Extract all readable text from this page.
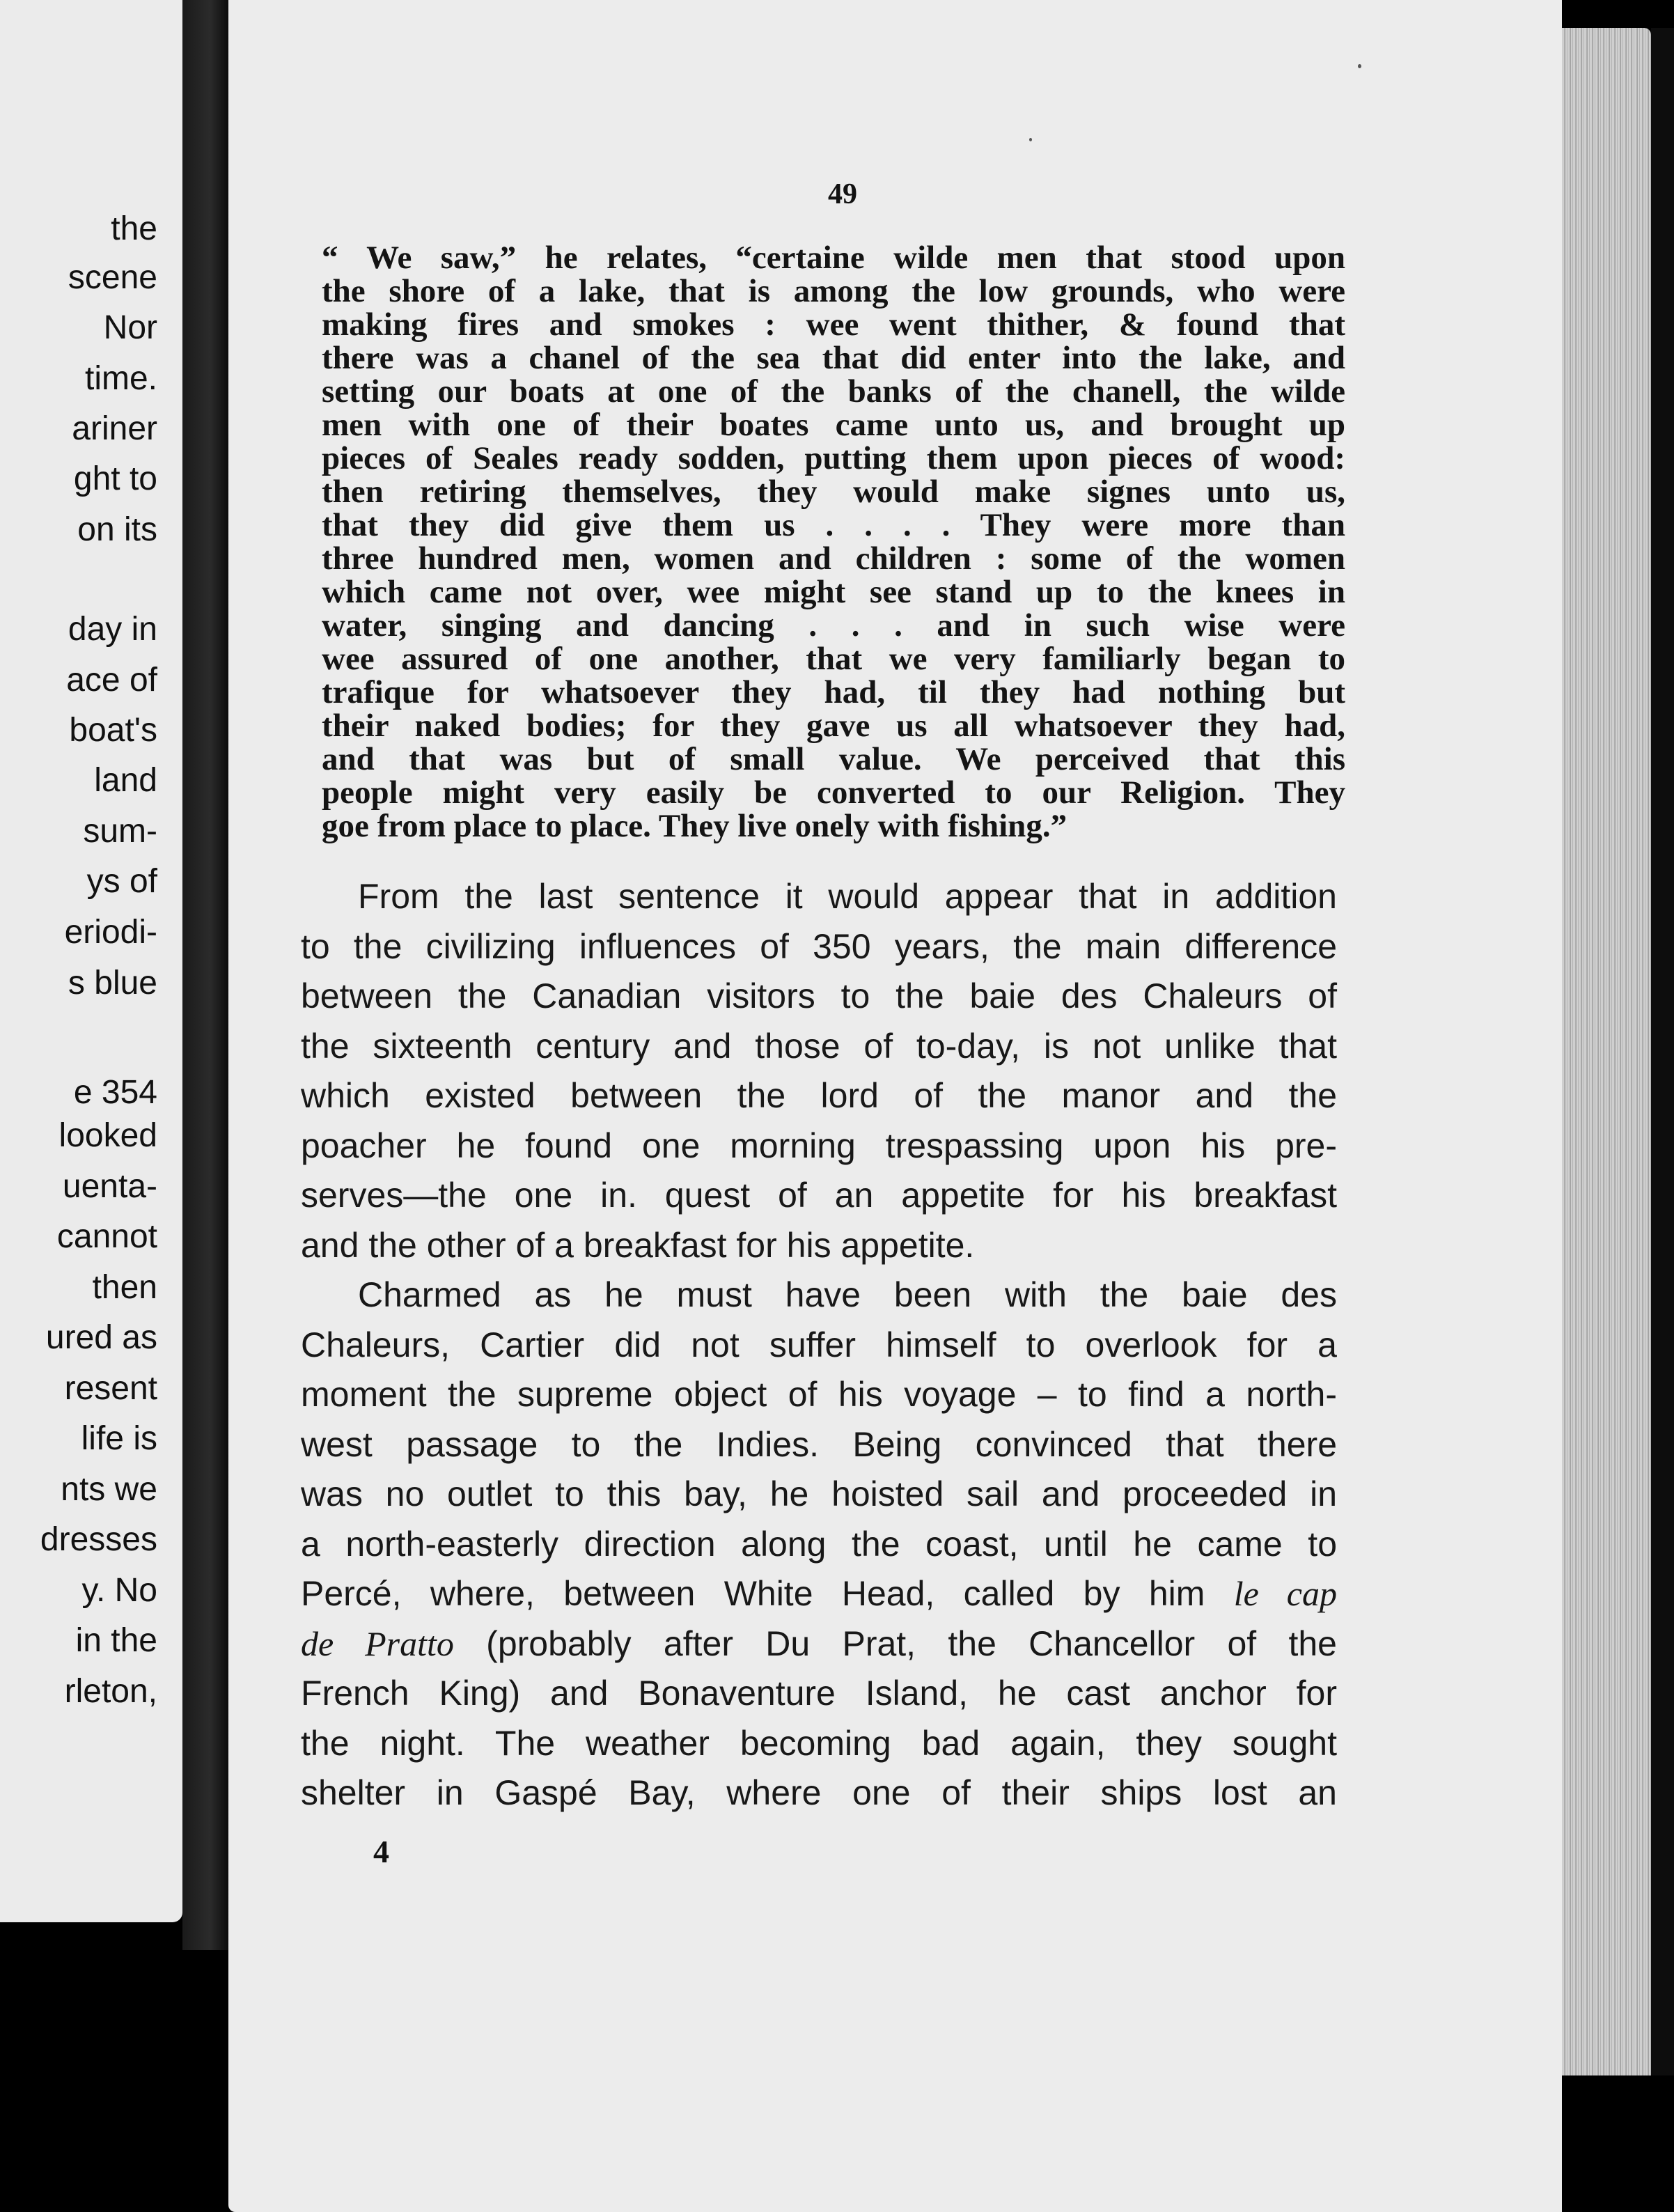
the
scene
Nor
time.
ariner
ght to
on its
day in
ace of
boat's
land
sum-
ys of
eriodi-
s blue
e 354
looked
uenta-
cannot
then
ured as
resent
life is
nts we
dresses
y. No
in the
rleton,
49
“ We saw,” he relates, “certaine wilde men that stood upon
the shore of a lake, that is among the low grounds, who were
making fires and smokes : wee went thither, & found that
there was a chanel of the sea that did enter into the lake, and
setting our boats at one of the banks of the chanell, the wilde
men with one of their boates came unto us, and brought up
pieces of Seales ready sodden, putting them upon pieces of wood:
then retiring themselves, they would make signes unto us,
that they did give them us . . . . They were more than
three hundred men, women and children : some of the women
which came not over, wee might see stand up to the knees in
water, singing and dancing . . . and in such wise were
wee assured of one another, that we very familiarly began to
trafique for whatsoever they had, til they had nothing but
their naked bodies; for they gave us all whatsoever they had,
and that was but of small value. We perceived that this
people might very easily be converted to our Religion. They
goe from place to place. They live onely with fishing.”
From the last sentence it would appear that in addition
to the civilizing influences of 350 years, the main difference
between the Canadian visitors to the baie des Chaleurs of
the sixteenth century and those of to-day, is not unlike that
which existed between the lord of the manor and the
poacher he found one morning trespassing upon his pre-
serves—the one in. quest of an appetite for his breakfast
and the other of a breakfast for his appetite.
Charmed as he must have been with the baie des
Chaleurs, Cartier did not suffer himself to overlook for a
moment the supreme object of his voyage – to find a north-
west passage to the Indies. Being convinced that there
was no outlet to this bay, he hoisted sail and proceeded in
a north-easterly direction along the coast, until he came to
Percé, where, between White Head, called by him le cap
de Pratto (probably after Du Prat, the Chancellor of the
French King) and Bonaventure Island, he cast anchor for
the night. The weather becoming bad again, they sought
shelter in Gaspé Bay, where one of their ships lost an
4
